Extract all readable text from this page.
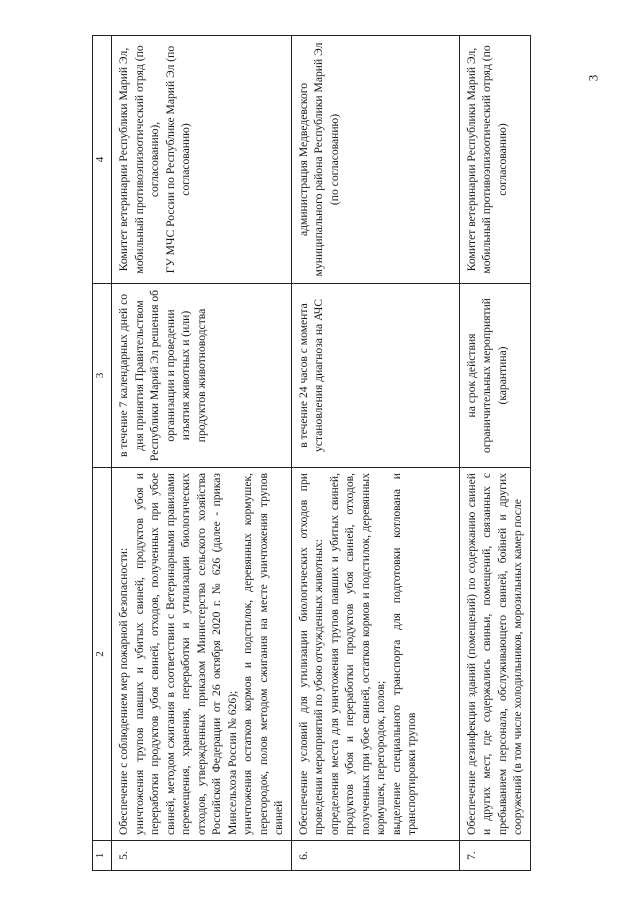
3
1	2	3	4
5.	Обеспечение с соблюдением мер пожарной безопасности: уничтожения трупов павших и убитых свиней, продуктов убоя и переработки продуктов убоя свиней, отходов, полученных при убое свиней, методом сжигания в соответствии с Ветеринарными правилами перемещения, хранения, переработки и утилизации биологических отходов, утвержденных приказом Министерства сельского хозяйства Российской Федерации от 26 октября 2020 г. № 626 (далее - приказ Минсельхоза России № 626); уничтожения остатков кормов и подстилок, деревянных кормушек, перегородок, полов методом сжигания на месте уничтожения трупов свиней	в течение 7 календарных дней со дня принятия Правительством Республики Марий Эл решения об организации и проведении изъятия животных и (или) продуктов животноводства	Комитет ветеринарии Республики Марий Эл, мобильный противоэпизоотический отряд (по согласованию), ГУ МЧС России по Республике Марий Эл (по согласованию)

6.	Обеспечение условий для утилизации биологических отходов при проведении мероприятий по убою отчужденных животных: определения места для уничтожения трупов павших и убитых свиней, продуктов убоя и переработки продуктов убоя свиней, отходов, полученных при убое свиней, остатков кормов и подстилок, деревянных кормушек, перегородок, полов; выделение специального транспорта для подготовки котлована и транспортировки трупов	в течение 24 часов с момента установления диагноза на АЧС	администрация Медведевского муниципального района Республики Марий Эл (по согласованию)

7.	Обеспечение дезинфекции зданий (помещений) по содержанию свиней и других мест, где содержались свиньи, помещений, связанных с пребыванием персонала, обслуживающего свиней, бойней и других сооружений (в том числе холодильников, морозильных камер после	на срок действия ограничительных мероприятий (карантина)	Комитет ветеринарии Республики Марий Эл, мобильный противоэпизоотический отряд (по согласованию)
